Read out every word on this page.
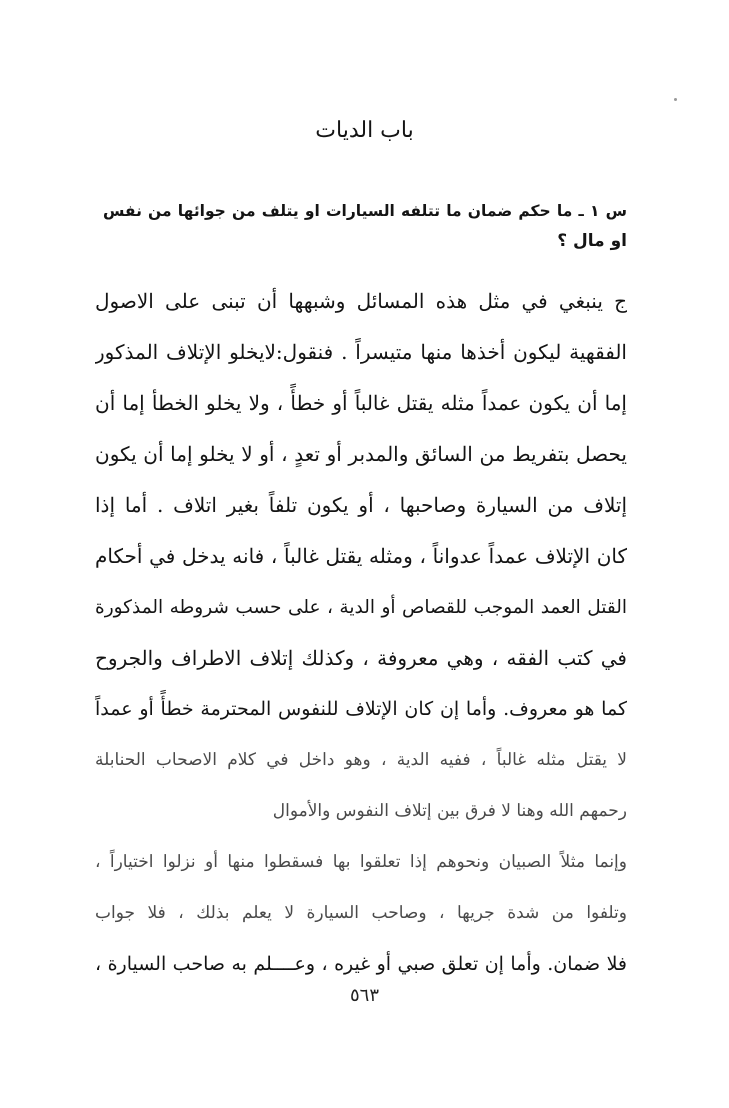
باب الديات
س ١ ـ ما حكم ضمان ما تتلفه السيارات او يتلف من جوائها من نفس
او مال ؟
ج ينبغي في مثل هذه المسائل وشبهها أن تبنى على الاصول
الفقهية ليكون أخذها منها متيسراً . فنقول:لايخلو الإتلاف المذكور
إما أن يكون عمداً مثله يقتل غالباً أو خطأً ، ولا يخلو الخطأ إما أن
يحصل بتفريط من السائق والمدبر أو تعدٍ ، أو لا يخلو إما أن يكون
إتلاف من السيارة وصاحبها ، أو يكون تلفاً بغير اتلاف . أما إذا
كان الإتلاف عمداً عدواناً ، ومثله يقتل غالباً ، فانه يدخل في أحكام
القتل العمد الموجب للقصاص أو الدية ، على حسب شروطه المذكورة
في كتب الفقه ، وهي معروفة ، وكذلك إتلاف الاطراف والجروح
كما هو معروف. وأما إن كان الإتلاف للنفوس المحترمة خطأً أو عمداً
لا يقتل مثله غالباً ، ففيه الدية ، وهو داخل في كلام الاصحاب الحنابلة
رحمهم الله وهنا لا فرق بين إتلاف النفوس والأموال
وإنما مثلاً الصبيان ونحوهم إذا تعلقوا بها فسقطوا منها أو نزلوا اختياراً ،
وتلفوا من شدة جريها ، وصاحب السيارة لا يعلم بذلك ، فلا جواب
فلا ضمان. وأما إن تعلق صبي أو غيره ، وعــــلم به صاحب السيارة ،
٥٦٣
